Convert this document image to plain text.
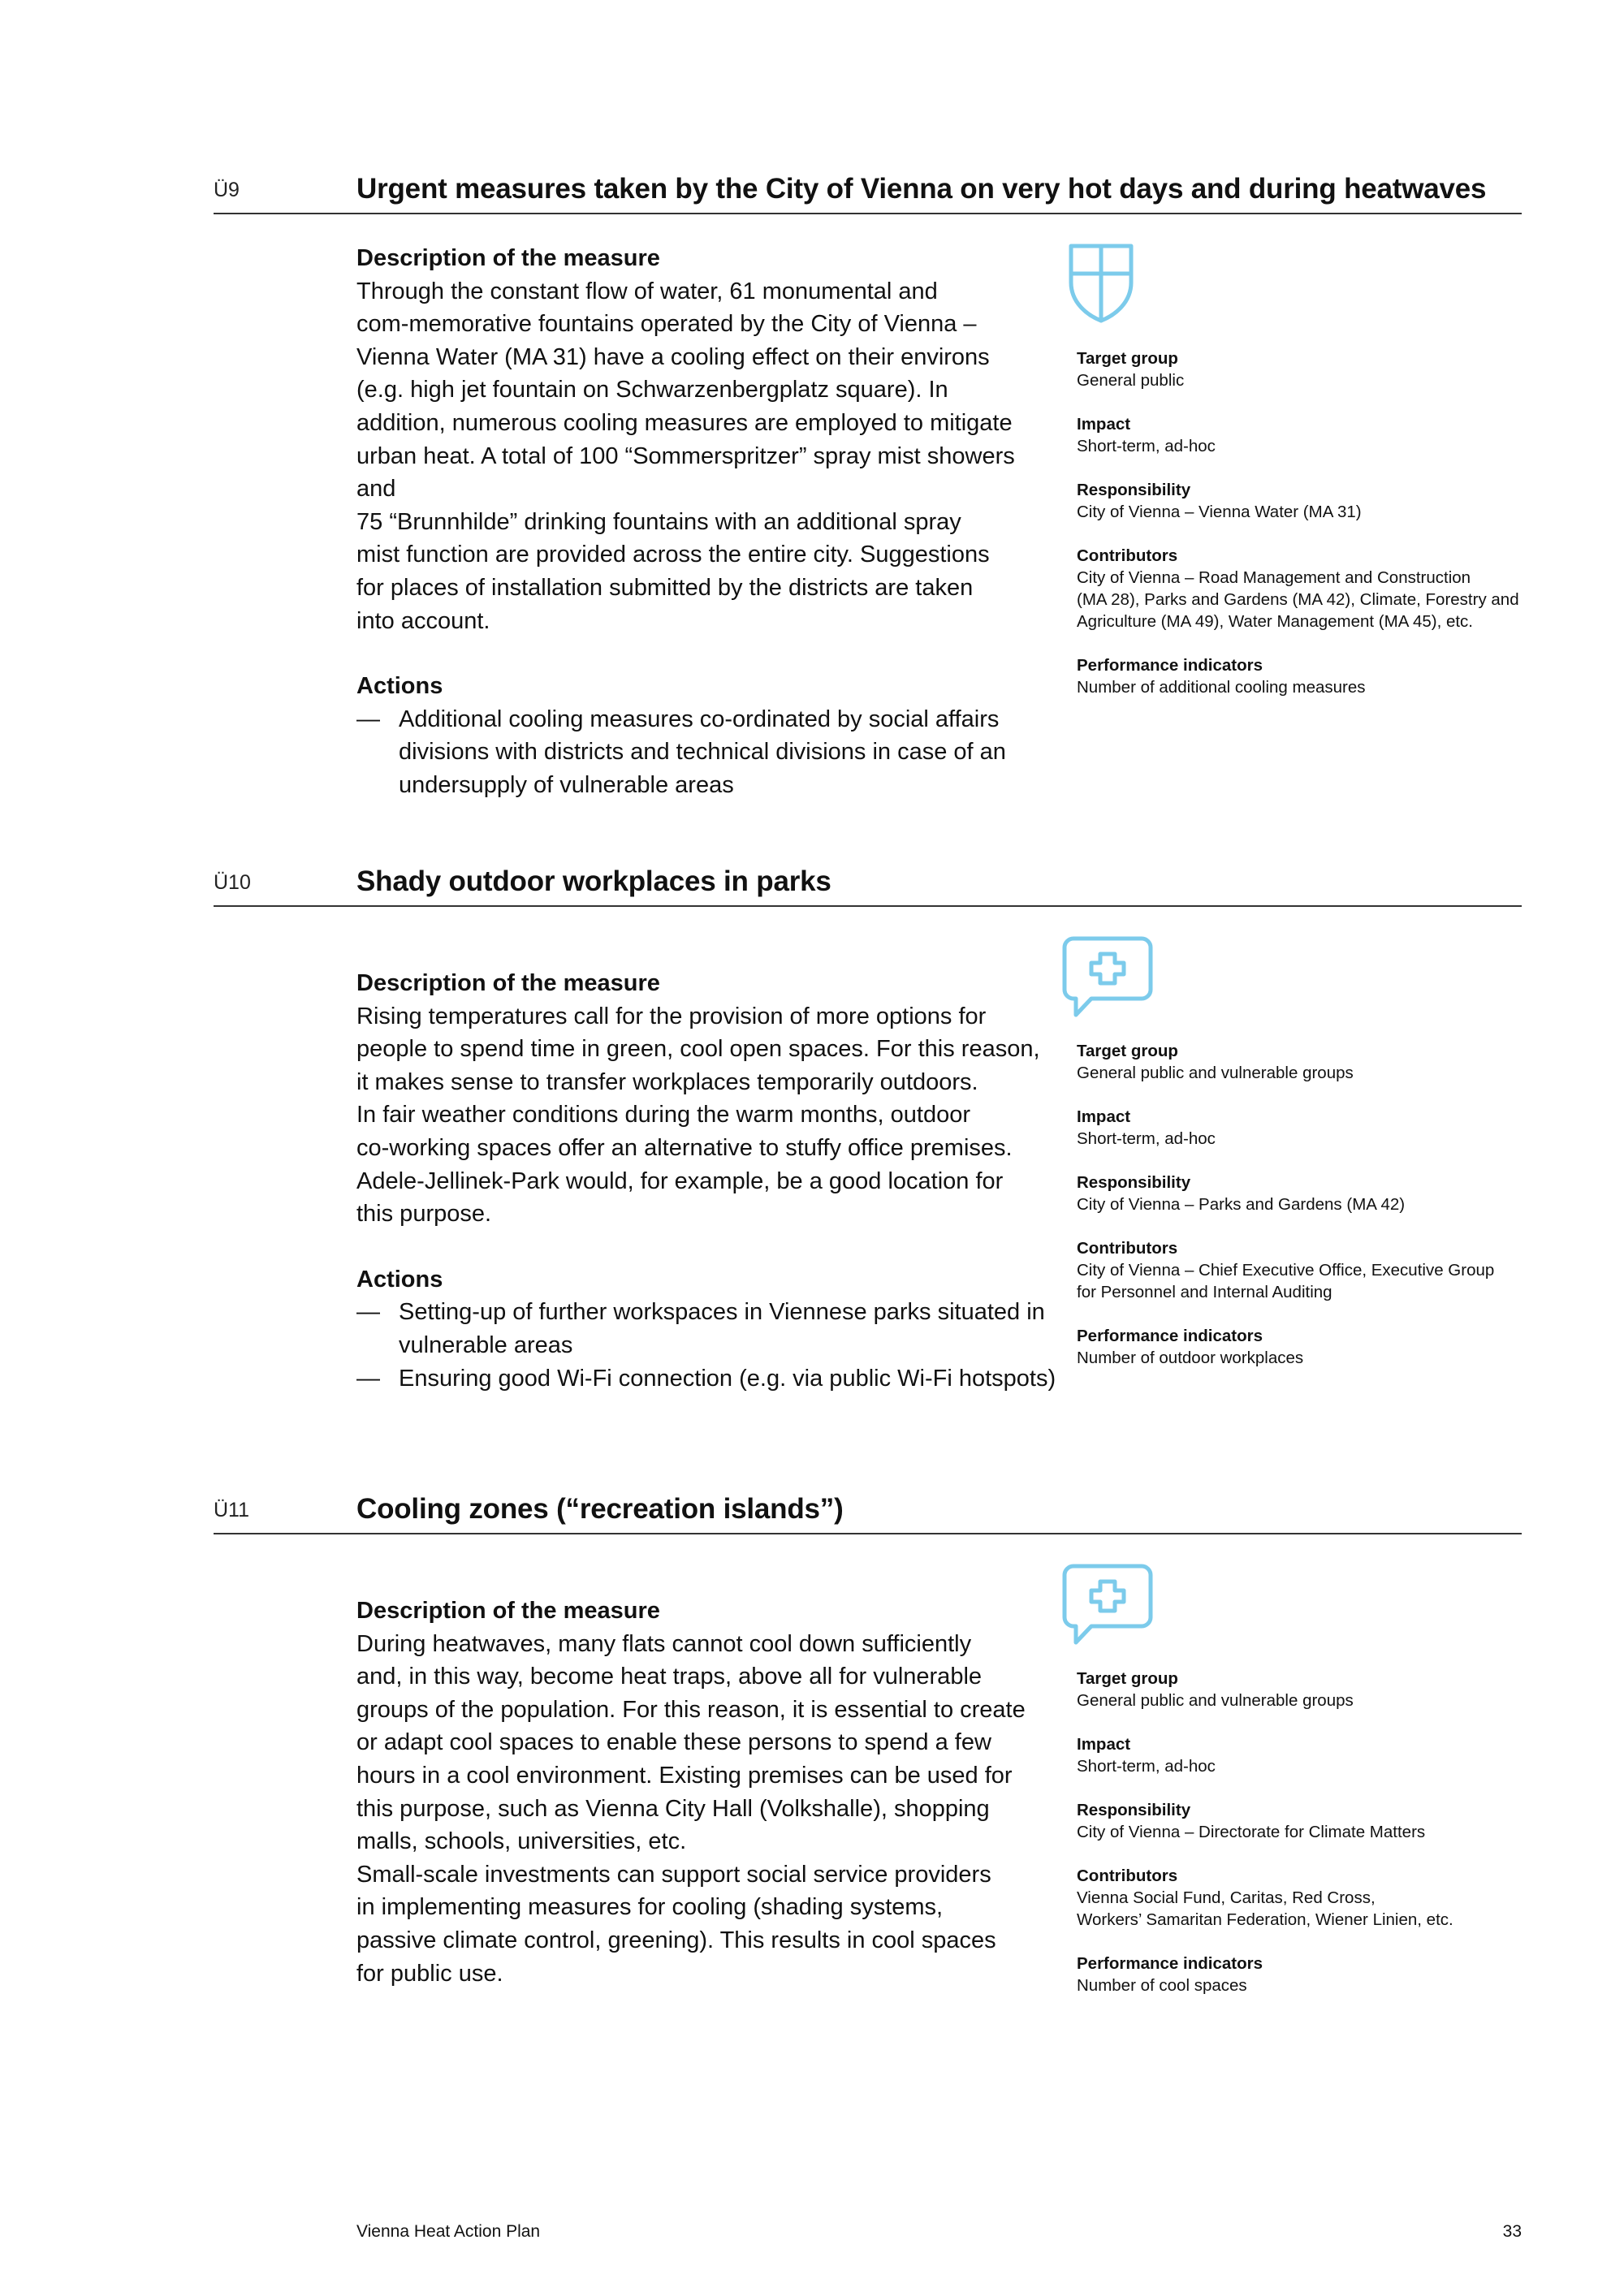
Ü9	Urgent measures taken by the City of Vienna on very hot days and during heatwaves
Description of the measure
Through the constant flow of water, 61 monumental and
com-memorative fountains operated by the City of Vienna –
Vienna Water (MA 31) have a cooling effect on their environs
(e.g. high jet fountain on Schwarzenbergplatz square). In
addition, numerous cooling measures are employed to mitigate
urban heat. A total of 100 “Sommerspritzer” spray mist showers
and
75 “Brunnhilde” drinking fountains with an additional spray
mist function are provided across the entire city. Suggestions
for places of installation submitted by the districts are taken
into account.
Actions
— Additional cooling measures co-ordinated by social affairs divisions with districts and technical divisions in case of an undersupply of vulnerable areas
Target group
General public
Impact
Short-term, ad-hoc
Responsibility
City of Vienna – Vienna Water (MA 31)
Contributors
City of Vienna – Road Management and Construction
(MA 28), Parks and Gardens (MA 42), Climate, Forestry and
Agriculture (MA 49), Water Management (MA 45), etc.
Performance indicators
Number of additional cooling measures
Ü10	Shady outdoor workplaces in parks
Description of the measure
Rising temperatures call for the provision of more options for
people to spend time in green, cool open spaces. For this reason,
it makes sense to transfer workplaces temporarily outdoors.
In fair weather conditions during the warm months, outdoor
co-working spaces offer an alternative to stuffy office premises.
Adele-Jellinek-Park would, for example, be a good location for
this purpose.
Actions
— Setting-up of further workspaces in Viennese parks situated in vulnerable areas
— Ensuring good Wi-Fi connection (e.g. via public Wi-Fi hotspots)
Target group
General public and vulnerable groups
Impact
Short-term, ad-hoc
Responsibility
City of Vienna – Parks and Gardens (MA 42)
Contributors
City of Vienna – Chief Executive Office, Executive Group
for Personnel and Internal Auditing
Performance indicators
Number of outdoor workplaces
Ü11	Cooling zones (“recreation islands”)
Description of the measure
During heatwaves, many flats cannot cool down sufficiently
and, in this way, become heat traps, above all for vulnerable
groups of the population. For this reason, it is essential to create
or adapt cool spaces to enable these persons to spend a few
hours in a cool environment. Existing premises can be used for
this purpose, such as Vienna City Hall (Volkshalle), shopping
malls, schools, universities, etc.
Small-scale investments can support social service providers
in implementing measures for cooling (shading systems,
passive climate control, greening). This results in cool spaces
for public use.
Target group
General public and vulnerable groups
Impact
Short-term, ad-hoc
Responsibility
City of Vienna – Directorate for Climate Matters
Contributors
Vienna Social Fund, Caritas, Red Cross,
Workers’ Samaritan Federation, Wiener Linien, etc.
Performance indicators
Number of cool spaces
Vienna Heat Action Plan	33
